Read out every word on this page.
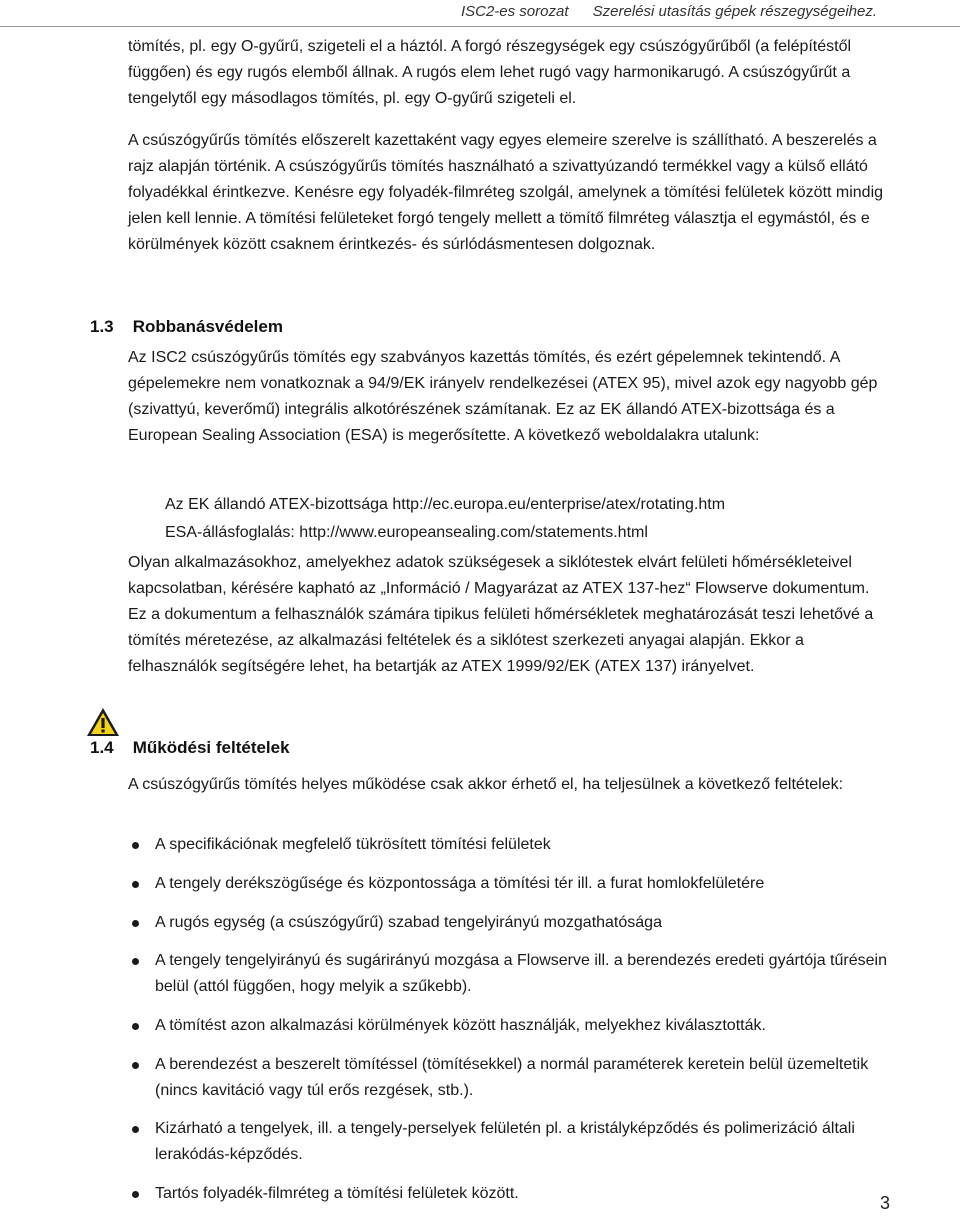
ISC2-es sorozat Szerelési utasítás gépek részegységeihez.

tömítés, pl. egy O-gyűrű, szigeteli el a háztól. A forgó részegységek egy csúszógyűrűből (a felépítéstől függően) és egy rugós elemből állnak. A rugós elem lehet rugó vagy harmonikarugó. A csúszógyűrűt a tengelytől egy másodlagos tömítés, pl. egy O-gyűrű szigeteli el.

A csúszógyűrűs tömítés előszerelt kazettaként vagy egyes elemeire szerelve is szállítható. A beszerelés a rajz alapján történik. A csúszógyűrűs tömítés használható a szivattyúzandó termékkel vagy a külső ellátó folyadékkal érintkezve. Kenésre egy folyadék-filmréteg szolgál, amelynek a tömítési felületek között mindig jelen kell lennie. A tömítési felületeket forgó tengely mellett a tömítő filmréteg választja el egymástól, és e körülmények között csaknem érintkezés- és súrlódásmentesen dolgoznak.

1.3 Robbanásvédelem

Az ISC2 csúszógyűrűs tömítés egy szabványos kazettás tömítés, és ezért gépelemnek tekintendő. A gépelemekre nem vonatkoznak a 94/9/EK irányelv rendelkezései (ATEX 95), mivel azok egy nagyobb gép (szivattyú, keverőmű) integrális alkotórészének számítanak. Ez az EK állandó ATEX-bizottsága és a European Sealing Association (ESA) is megerősítette. A következő weboldalakra utalunk:

Az EK állandó ATEX-bizottsága http://ec.europa.eu/enterprise/atex/rotating.htm
ESA-állásfoglalás: http://www.europeansealing.com/statements.html

Olyan alkalmazásokhoz, amelyekhez adatok szükségesek a siklótestek elvárt felületi hőmérsékleteivel kapcsolatban, kérésére kapható az „Információ / Magyarázat az ATEX 137-hez“ Flowserve dokumentum. Ez a dokumentum a felhasználók számára tipikus felületi hőmérsékletek meghatározását teszi lehetővé a tömítés méretezése, az alkalmazási feltételek és a siklótest szerkezeti anyagai alapján. Ekkor a felhasználók segítségére lehet, ha betartják az ATEX 1999/92/EK (ATEX 137) irányelvet.

1.4 Működési feltételek

A csúszógyűrűs tömítés helyes működése csak akkor érhető el, ha teljesülnek a következő feltételek:

A specifikációnak megfelelő tükrösített tömítési felületek
A tengely derékszögűsége és központossága a tömítési tér ill. a furat homlokfelületére
A rugós egység (a csúszógyűrű) szabad tengelyirányú mozgathatósága
A tengely tengelyirányú és sugárirányú mozgása a Flowserve ill. a berendezés eredeti gyártója tűrésein belül (attól függően, hogy melyik a szűkebb).
A tömítést azon alkalmazási körülmények között használják, melyekhez kiválasztották.
A berendezést a beszerelt tömítéssel (tömítésekkel) a normál paraméterek keretein belül üzemeltetik (nincs kavitáció vagy túl erős rezgések, stb.).
Kizárható a tengelyek, ill. a tengely-perselyek felületén pl. a kristályképződés és polimerizáció általi lerakódás-képződés.
Tartós folyadék-filmréteg a tömítési felületek között.	3
